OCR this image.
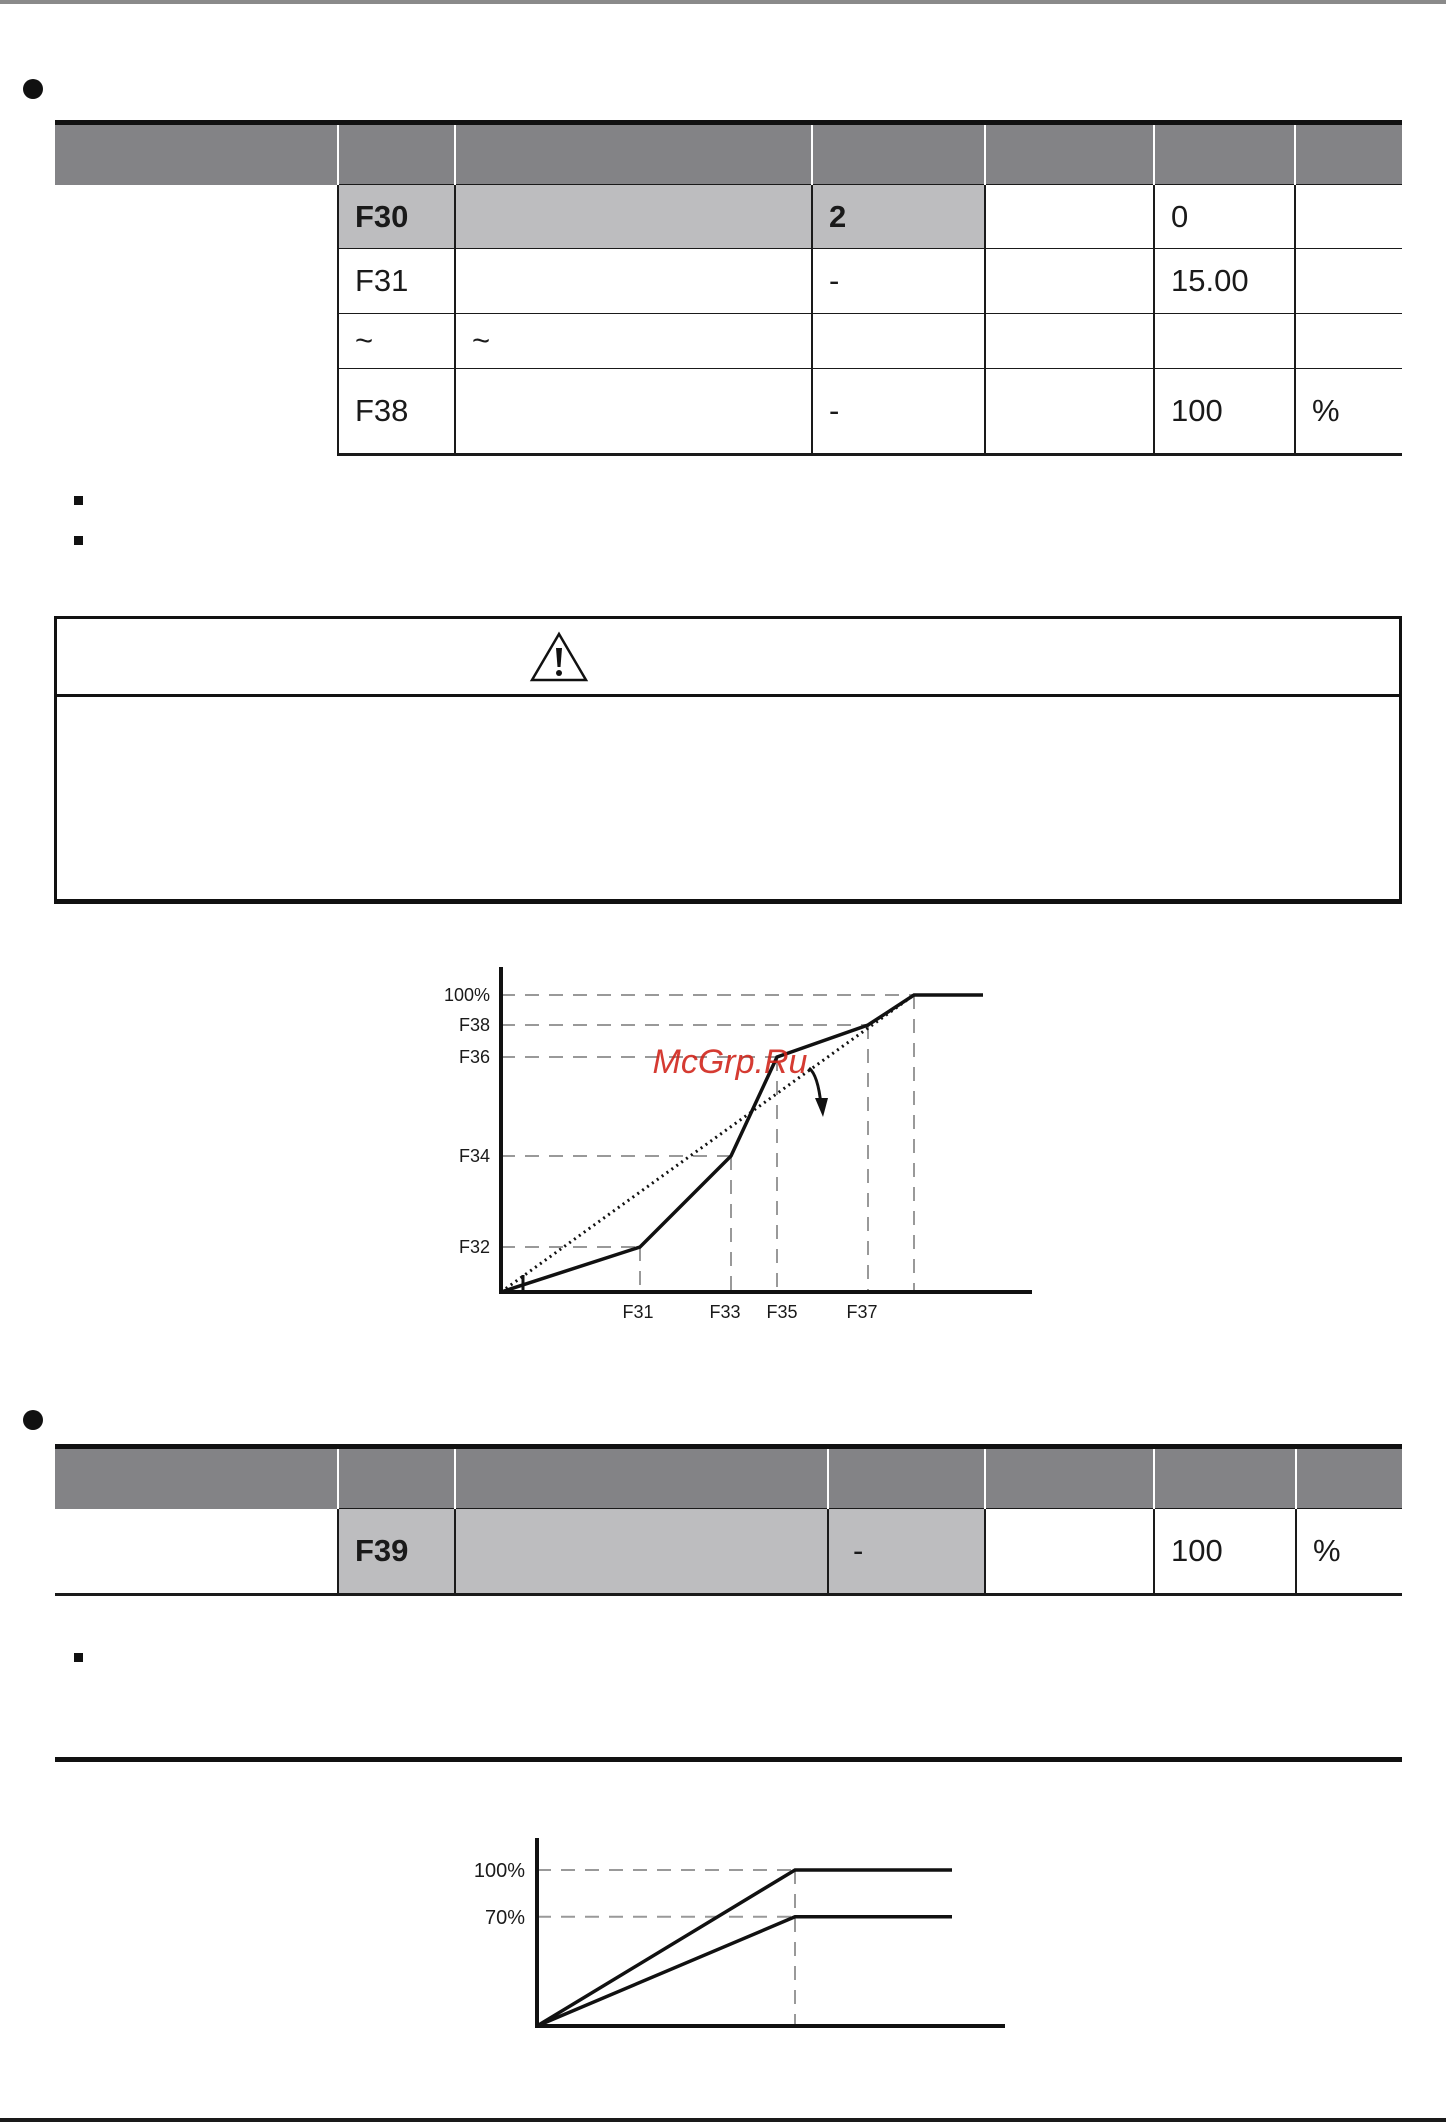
	F30		2		0	
	F31		-		15.00	
	~	~				
	F38		-		100	%
100%
F38
F36
F34
F32
F31	F33 F35	F37
McGrp.Ru

	F39		-		100	%
100%
70%
